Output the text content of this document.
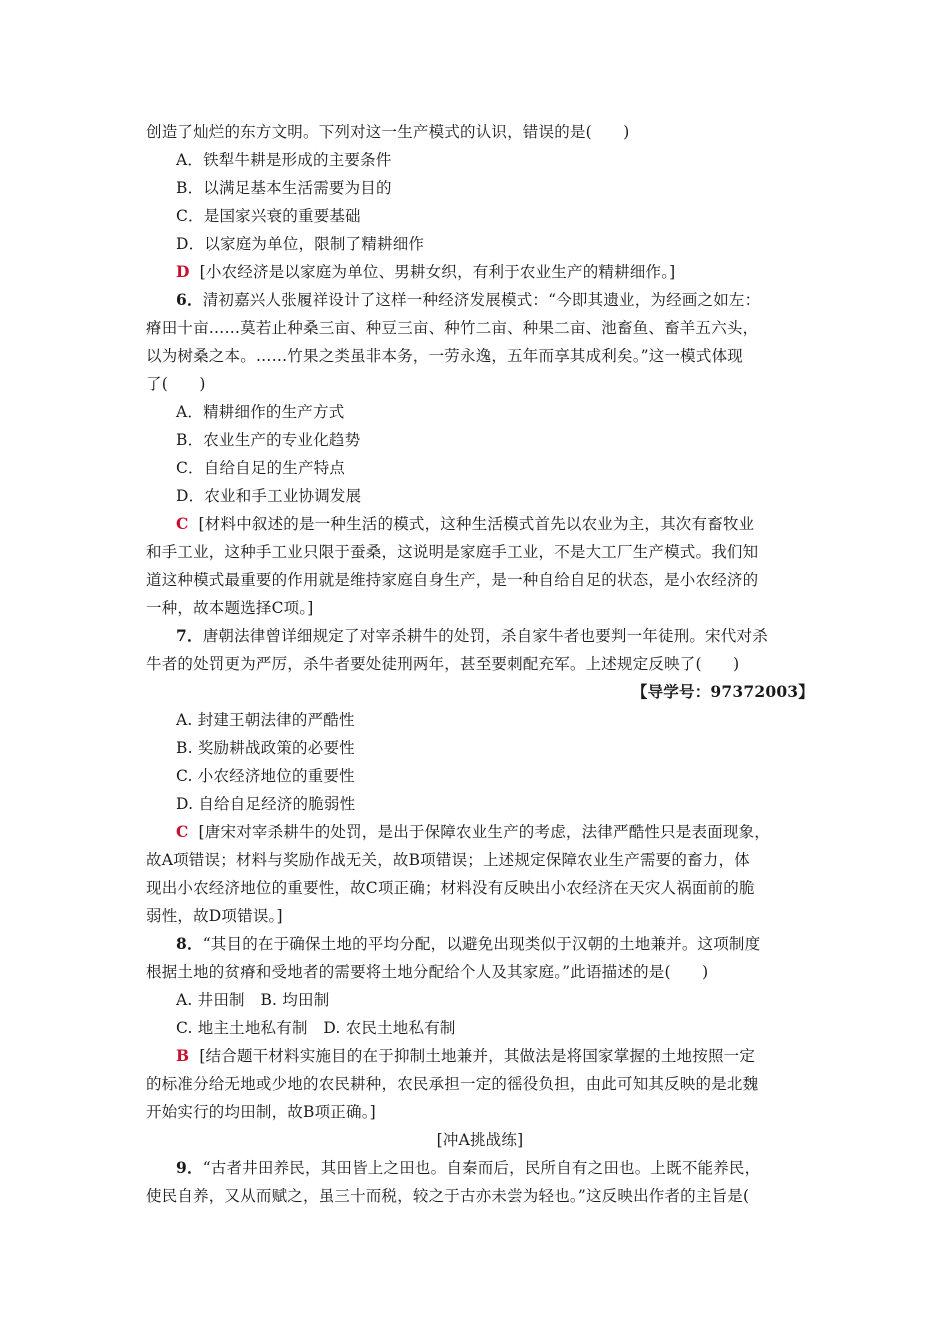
创造了灿烂的东方文明。下列对这一生产模式的认识，错误的是(　　)
A．铁犁牛耕是形成的主要条件
B．以满足基本生活需要为目的
C．是国家兴衰的重要基础
D．以家庭为单位，限制了精耕细作
D [小农经济是以家庭为单位、男耕女织，有利于农业生产的精耕细作。]
6．清初嘉兴人张履祥设计了这样一种经济发展模式：“今即其遗业，为经画之如左：
瘠田十亩……莫若止种桑三亩、种豆三亩、种竹二亩、种果二亩、池畜鱼、畜羊五六头，
以为树桑之本。……竹果之类虽非本务，一劳永逸，五年而享其成利矣。”这一模式体现
了(　　)
A．精耕细作的生产方式
B．农业生产的专业化趋势
C．自给自足的生产特点
D．农业和手工业协调发展
C [材料中叙述的是一种生活的模式，这种生活模式首先以农业为主，其次有畜牧业
和手工业，这种手工业只限于蚕桑，这说明是家庭手工业，不是大工厂生产模式。我们知
道这种模式最重要的作用就是维持家庭自身生产，是一种自给自足的状态，是小农经济的
一种，故本题选择C项。]
7．唐朝法律曾详细规定了对宰杀耕牛的处罚，杀自家牛者也要判一年徒刑。宋代对杀
牛者的处罚更为严厉，杀牛者要处徒刑两年，甚至要刺配充军。上述规定反映了(　　)
【导学号：97372003】
A. 封建王朝法律的严酷性
B. 奖励耕战政策的必要性
C. 小农经济地位的重要性
D. 自给自足经济的脆弱性
C [唐宋对宰杀耕牛的处罚，是出于保障农业生产的考虑，法律严酷性只是表面现象，
故A项错误；材料与奖励作战无关，故B项错误；上述规定保障农业生产需要的畜力，体
现出小农经济地位的重要性，故C项正确；材料没有反映出小农经济在天灾人祸面前的脆
弱性，故D项错误。]
8．“其目的在于确保土地的平均分配，以避免出现类似于汉朝的土地兼并。这项制度
根据土地的贫瘠和受地者的需要将土地分配给个人及其家庭。”此语描述的是(　　)
A. 井田制　B. 均田制
C. 地主土地私有制　D. 农民土地私有制
B [结合题干材料实施目的在于抑制土地兼并，其做法是将国家掌握的土地按照一定
的标准分给无地或少地的农民耕种，农民承担一定的徭役负担，由此可知其反映的是北魏
开始实行的均田制，故B项正确。]
[冲A挑战练]
9．“古者井田养民，其田皆上之田也。自秦而后，民所自有之田也。上既不能养民，
使民自养，又从而赋之，虽三十而税，较之于古亦未尝为轻也。”这反映出作者的主旨是(
